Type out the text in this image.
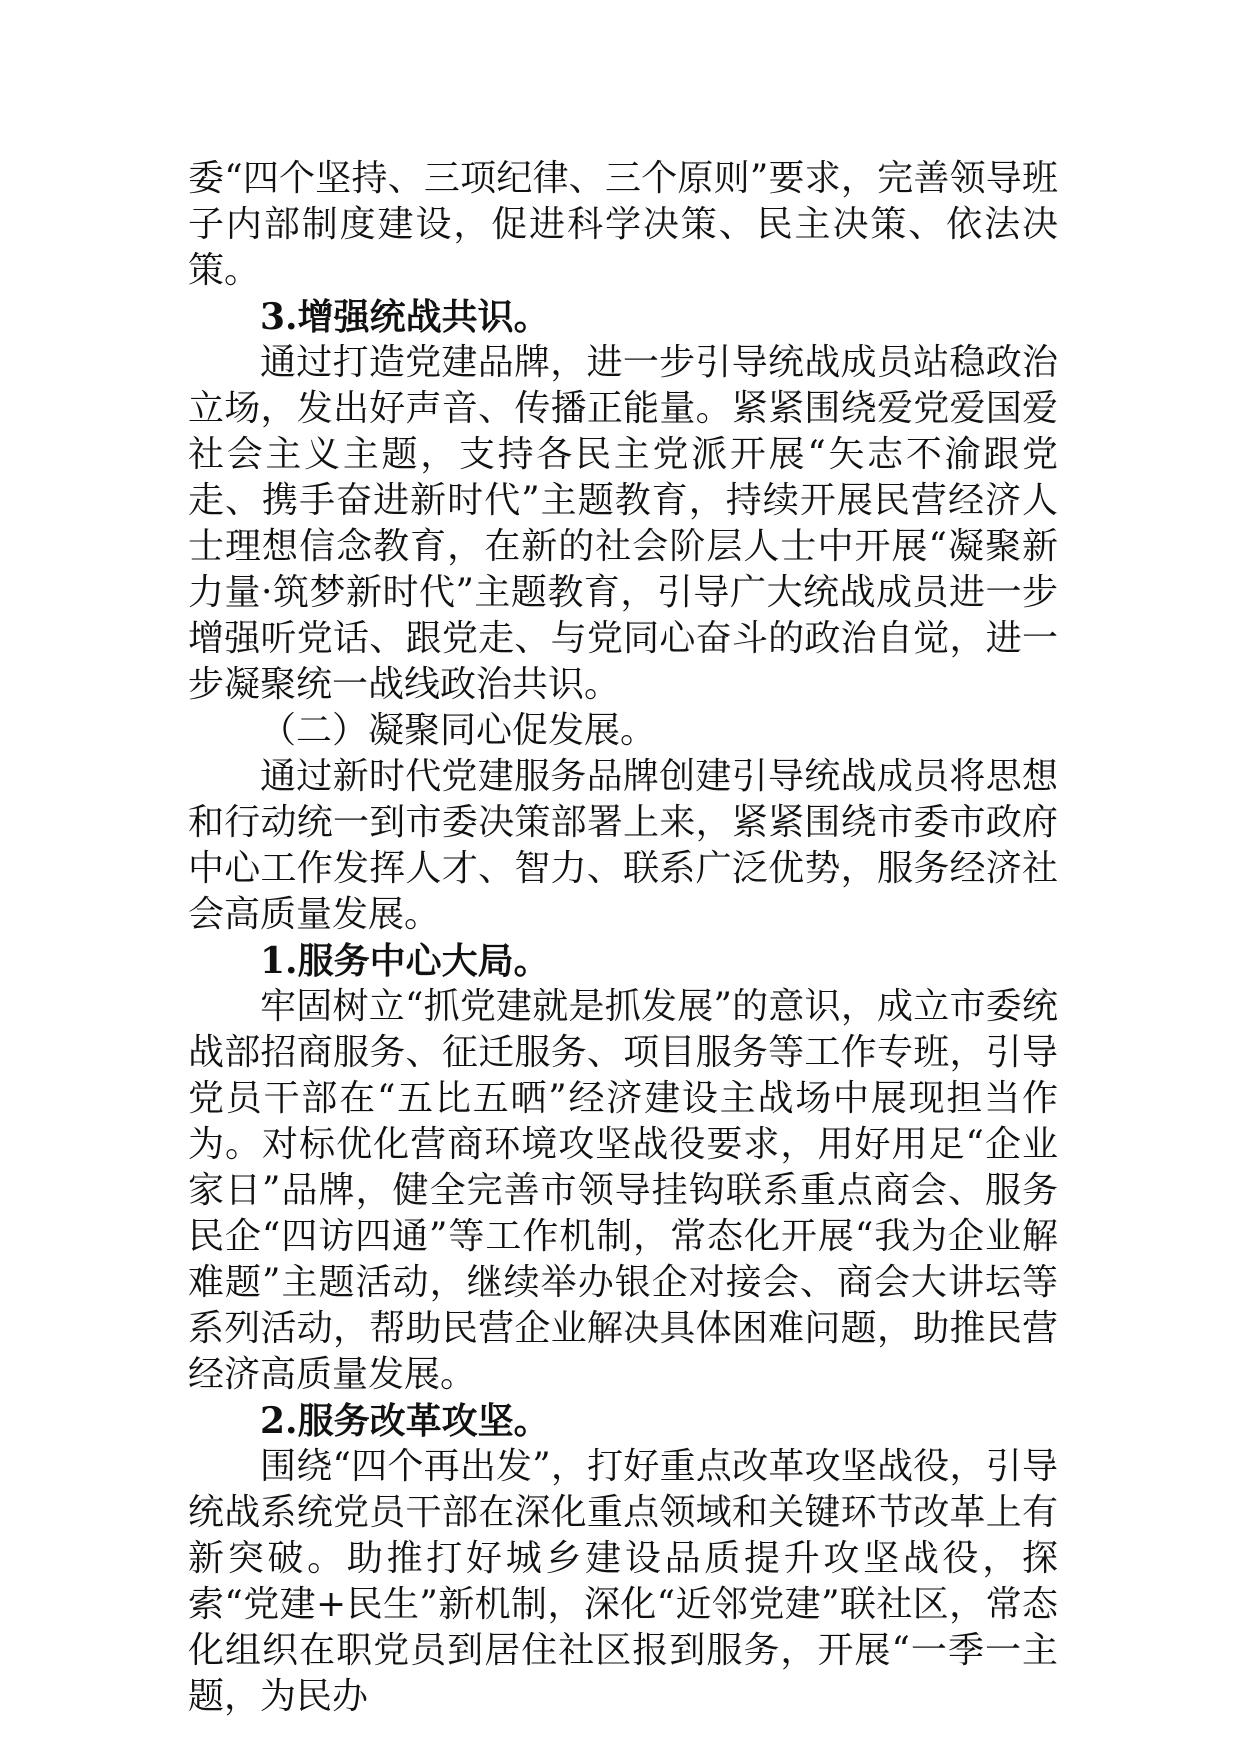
委“四个坚持、三项纪律、三个原则”要求，完善领导班子内部制度建设，促进科学决策、民主决策、依法决策。

3.增强统战共识。

通过打造党建品牌，进一步引导统战成员站稳政治立场，发出好声音、传播正能量。紧紧围绕爱党爱国爱社会主义主题，支持各民主党派开展“矢志不渝跟党走、携手奋进新时代”主题教育，持续开展民营经济人士理想信念教育，在新的社会阶层人士中开展“凝聚新力量·筑梦新时代”主题教育，引导广大统战成员进一步增强听党话、跟党走、与党同心奋斗的政治自觉，进一步凝聚统一战线政治共识。

（二）凝聚同心促发展。

通过新时代党建服务品牌创建引导统战成员将思想和行动统一到市委决策部署上来，紧紧围绕市委市政府中心工作发挥人才、智力、联系广泛优势，服务经济社会高质量发展。

1.服务中心大局。

牢固树立“抓党建就是抓发展”的意识，成立市委统战部招商服务、征迁服务、项目服务等工作专班，引导党员干部在“五比五晒”经济建设主战场中展现担当作为。对标优化营商环境攻坚战役要求，用好用足“企业家日”品牌，健全完善市领导挂钩联系重点商会、服务民企“四访四通”等工作机制，常态化开展“我为企业解难题”主题活动，继续举办银企对接会、商会大讲坛等系列活动，帮助民营企业解决具体困难问题，助推民营经济高质量发展。

2.服务改革攻坚。

围绕“四个再出发”，打好重点改革攻坚战役，引导统战系统党员干部在深化重点领域和关键环节改革上有新突破。助推打好城乡建设品质提升攻坚战役，探索“党建+民生”新机制，深化“近邻党建”联社区，常态化组织在职党员到居住社区报到服务，开展“一季一主题，为民办
